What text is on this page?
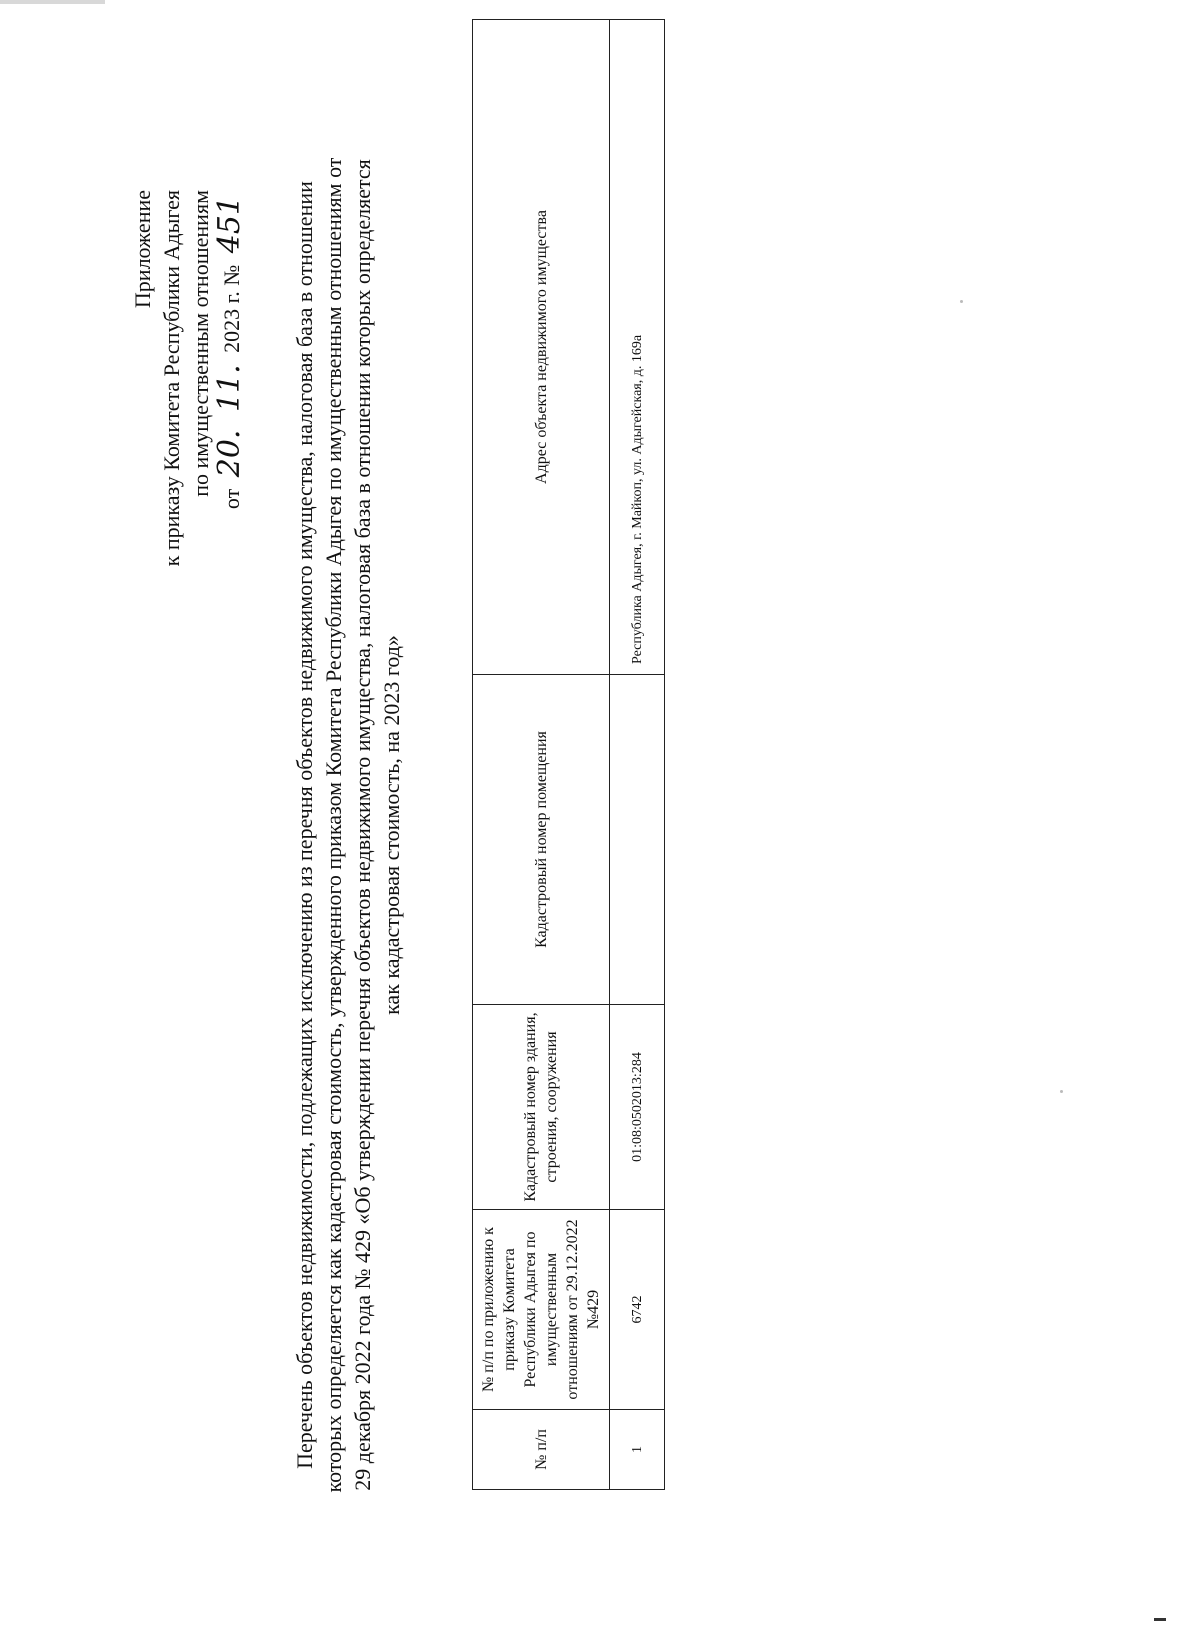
Приложение к приказу Комитета Республики Адыгея по имущественным отношениям
от 20. 11. 2023 г. № 451 Перечень объектов недвижимости, подлежащих исключению из перечня объектов недвижимого имущества, налоговая база в отношении которых определяется как кадастровая стоимость, утвержденного приказом Комитета Республики Адыгея по имущественным отношениям от 29 декабря 2022 года № 429 «Об утверждении перечня объектов недвижимого имущества, налоговая база в отношении которых определяется как кадастровая стоимость, на 2023 год»
№ п/п	№ п/п по приложению к приказу Комитета Республики Адыгея по имущественным отношениям от 29.12.2022 №429	Кадастровый номер здания, строения, сооружения	Кадастровый номер помещения	Адрес объекта недвижимого имущества
1	6742	01:08:0502013:284		Республика Адыгея, г. Майкоп, ул. Адыгейская, д. 169а
